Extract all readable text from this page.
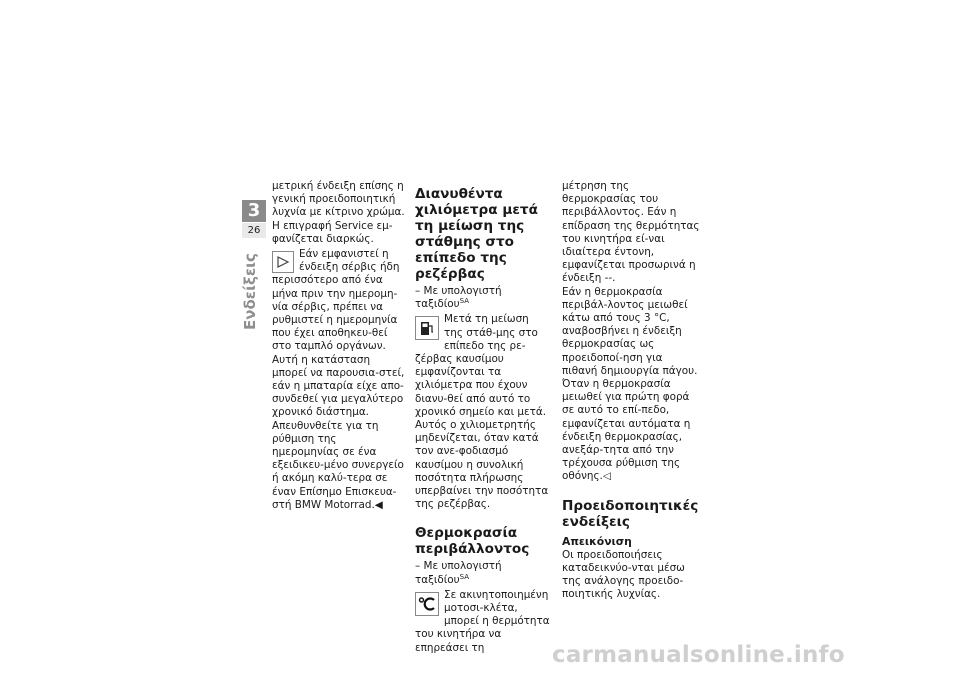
3
26
Ενδείξεις

μετρική ένδειξη επίσης η γενική προειδοποιητική λυχνία με κίτρινο χρώμα. Η επιγραφή Service εμ-φανίζεται διαρκώς.

Εάν εμφανιστεί η ένδειξη σέρβις ήδη περισσότερο από ένα μήνα πριν την ημερομη-νία σέρβις, πρέπει να ρυθμιστεί η ημερομηνία που έχει αποθηκευ-θεί στο ταμπλό οργάνων. Αυτή η κατάσταση μπορεί να παρουσια-στεί, εάν η μπαταρία είχε απο-συνδεθεί για μεγαλύτερο χρονικό διάστημα.

Απευθυνθείτε για τη ρύθμιση της ημερομηνίας σε ένα εξειδικευ-μένο συνεργείο ή ακόμη καλύ-τερα σε έναν Επίσημο Επισκευα-στή BMW Motorrad.◀

Διανυθέντα χιλιόμετρα μετά τη μείωση της στάθμης στο επίπεδο της ρεζέρβας

– Με υπολογιστή ταξιδίου$^{SA}$

Μετά τη μείωση της στάθ-μης στο επίπεδο της ρε-ζέρβας καυσίμου εμφανίζονται τα χιλιόμετρα που έχουν διανυ-θεί από αυτό το χρονικό σημείο και μετά. Αυτός ο χιλιομετρητής μηδενίζεται, όταν κατά τον ανε-φοδιασμό καυσίμου η συνολική ποσότητα πλήρωσης υπερβαίνει την ποσότητα της ρεζέρβας.

Θερμοκρασία περιβάλλοντος

– Με υπολογιστή ταξιδίου$^{SA}$

Σε ακινητοποιημένη μοτοσι-κλέτα, μπορεί η θερμότητα του κινητήρα να επηρεάσει τη

μέτρηση της θερμοκρασίας του περιβάλλοντος. Εάν η επίδραση της θερμότητας του κινητήρα εί-ναι ιδιαίτερα έντονη, εμφανίζεται προσωρινά η ένδειξη --.

Εάν η θερμοκρασία περιβάλ-λοντος μειωθεί κάτω από τους 3 °C, αναβοσβήνει η ένδειξη θερμοκρασίας ως προειδοποί-ηση για πιθανή δημιουργία πάγου.

Όταν η θερμοκρασία μειωθεί για πρώτη φορά σε αυτό το επί-πεδο, εμφανίζεται αυτόματα η ένδειξη θερμοκρασίας, ανεξάρ-τητα από την τρέχουσα ρύθμιση της οθόνης.◁

Προειδοποιητικές ενδείξεις
Απεικόνιση

Οι προειδοποιήσεις καταδεικνύο-νται μέσω της ανάλογης προειδο-ποιητικής λυχνίας.

carmanualsonline.info
